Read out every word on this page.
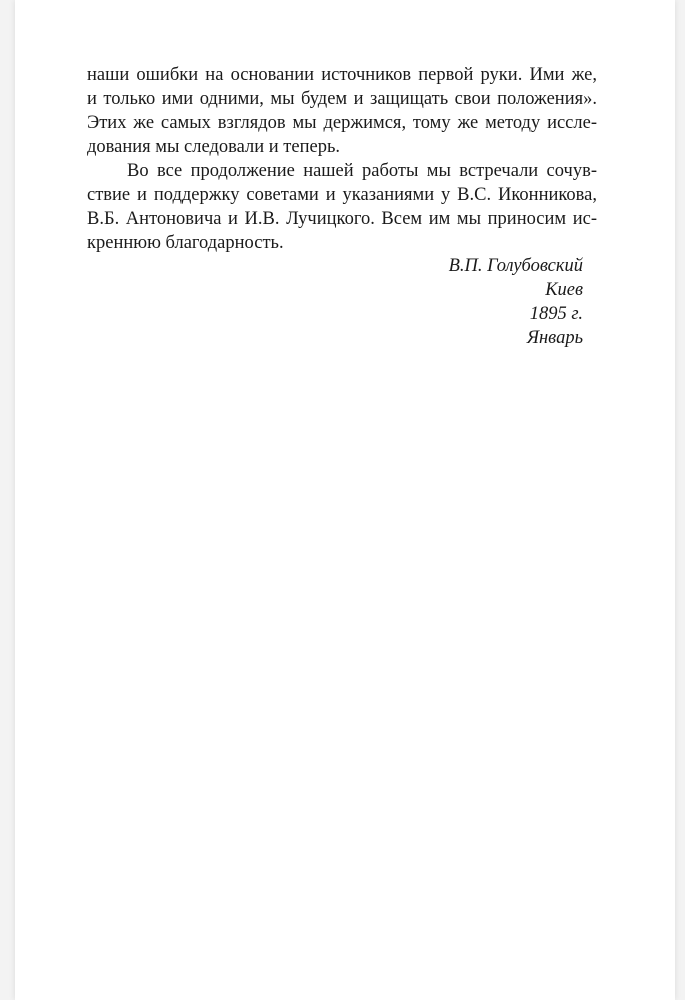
наши ошибки на основании источников первой руки. Ими же,

и только ими одними, мы будем и защищать свои положения».

Этих же самых взглядов мы держимся, тому же методу иссле-

дования мы следовали и теперь.

Во все продолжение нашей работы мы встречали сочув-

ствие и поддержку советами и указаниями у В.С. Иконникова,

В.Б. Антоновича и И.В. Лучицкого. Всем им мы приносим ис-

креннюю благодарность.

В.П. Голубовский

Киев

1895 г.

Январь
